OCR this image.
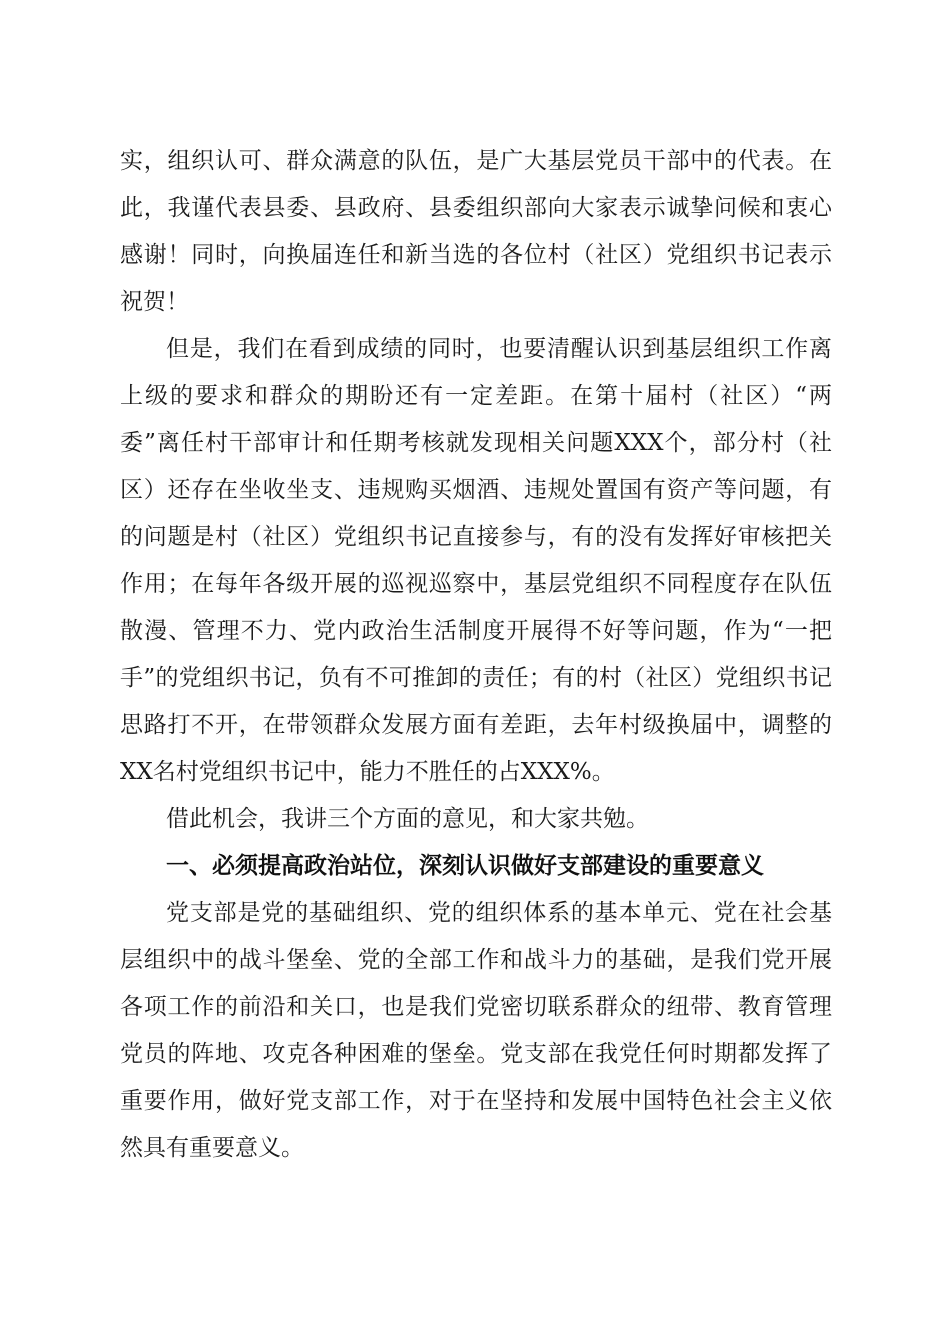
实，组织认可、群众满意的队伍，是广大基层党员干部中的代表。在此，我谨代表县委、县政府、县委组织部向大家表示诚挚问候和衷心感谢！同时，向换届连任和新当选的各位村（社区）党组织书记表示祝贺！

但是，我们在看到成绩的同时，也要清醒认识到基层组织工作离上级的要求和群众的期盼还有一定差距。在第十届村（社区）“两委”离任村干部审计和任期考核就发现相关问题XXX个，部分村（社区）还存在坐收坐支、违规购买烟酒、违规处置国有资产等问题，有的问题是村（社区）党组织书记直接参与，有的没有发挥好审核把关作用；在每年各级开展的巡视巡察中，基层党组织不同程度存在队伍散漫、管理不力、党内政治生活制度开展得不好等问题，作为“一把手”的党组织书记，负有不可推卸的责任；有的村（社区）党组织书记思路打不开，在带领群众发展方面有差距，去年村级换届中，调整的XX名村党组织书记中，能力不胜任的占XXX%。

借此机会，我讲三个方面的意见，和大家共勉。

一、必须提高政治站位，深刻认识做好支部建设的重要意义

党支部是党的基础组织、党的组织体系的基本单元、党在社会基层组织中的战斗堡垒、党的全部工作和战斗力的基础，是我们党开展各项工作的前沿和关口，也是我们党密切联系群众的纽带、教育管理党员的阵地、攻克各种困难的堡垒。党支部在我党任何时期都发挥了重要作用，做好党支部工作，对于在坚持和发展中国特色社会主义依然具有重要意义。
